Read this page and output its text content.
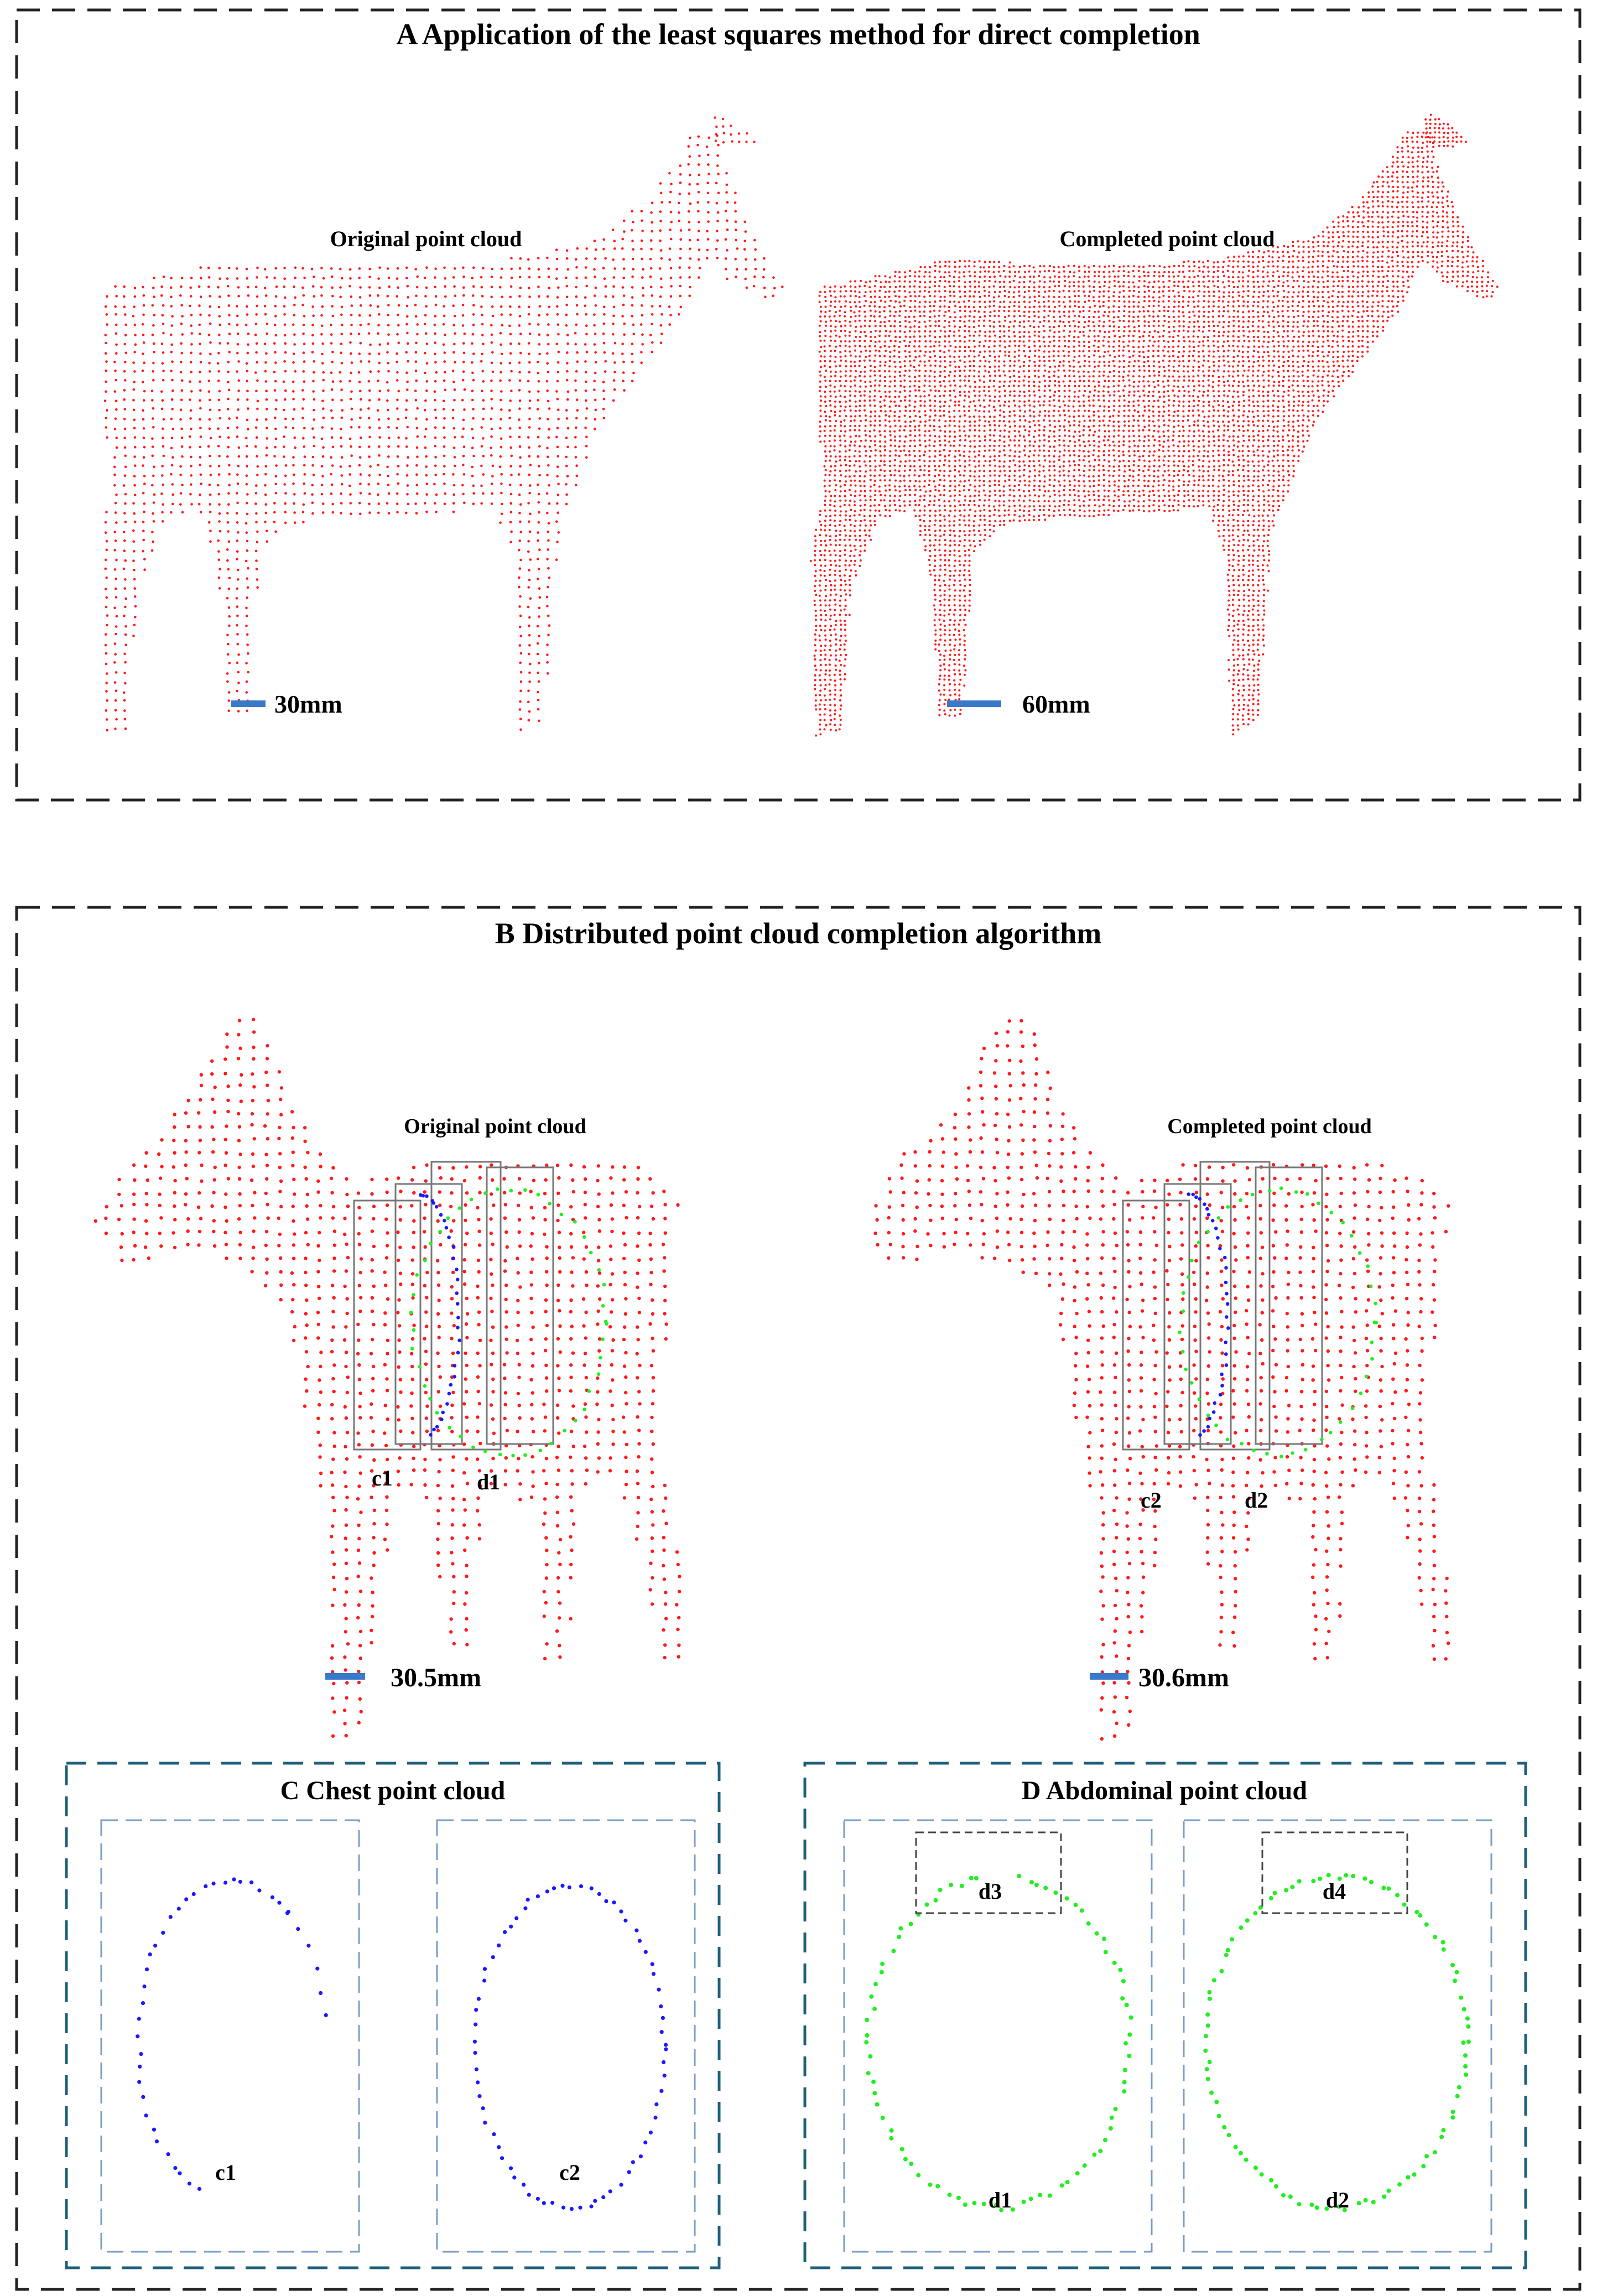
A Application of the least squares method for direct completion
Original point cloud	Completed point cloud
30mm	60mm
B Distributed point cloud completion algorithm
Original point cloud	Completed point cloud
c1	d1
c2	d2
30.5mm	30.6mm
C Chest point cloud
c1	c2
D Abdominal point cloud
d3	d4
d1	d2
